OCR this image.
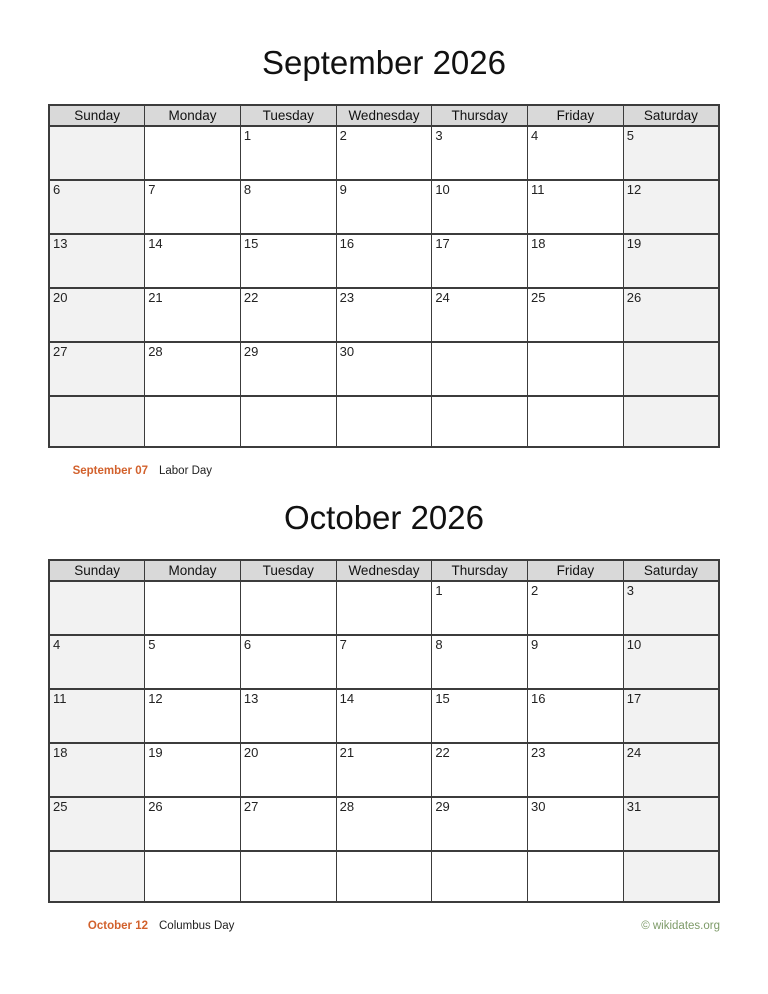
September 2026
Sunday	Monday	Tuesday	Wednesday	Thursday	Friday	Saturday
		1	2	3	4	5
6	7	8	9	10	11	12
13	14	15	16	17	18	19
20	21	22	23	24	25	26
27	28	29	30			

September 07 Labor Day
October 2026
Sunday	Monday	Tuesday	Wednesday	Thursday	Friday	Saturday
				1	2	3
4	5	6	7	8	9	10
11	12	13	14	15	16	17
18	19	20	21	22	23	24
25	26	27	28	29	30	31

October 12 Columbus Day	© wikidates.org
